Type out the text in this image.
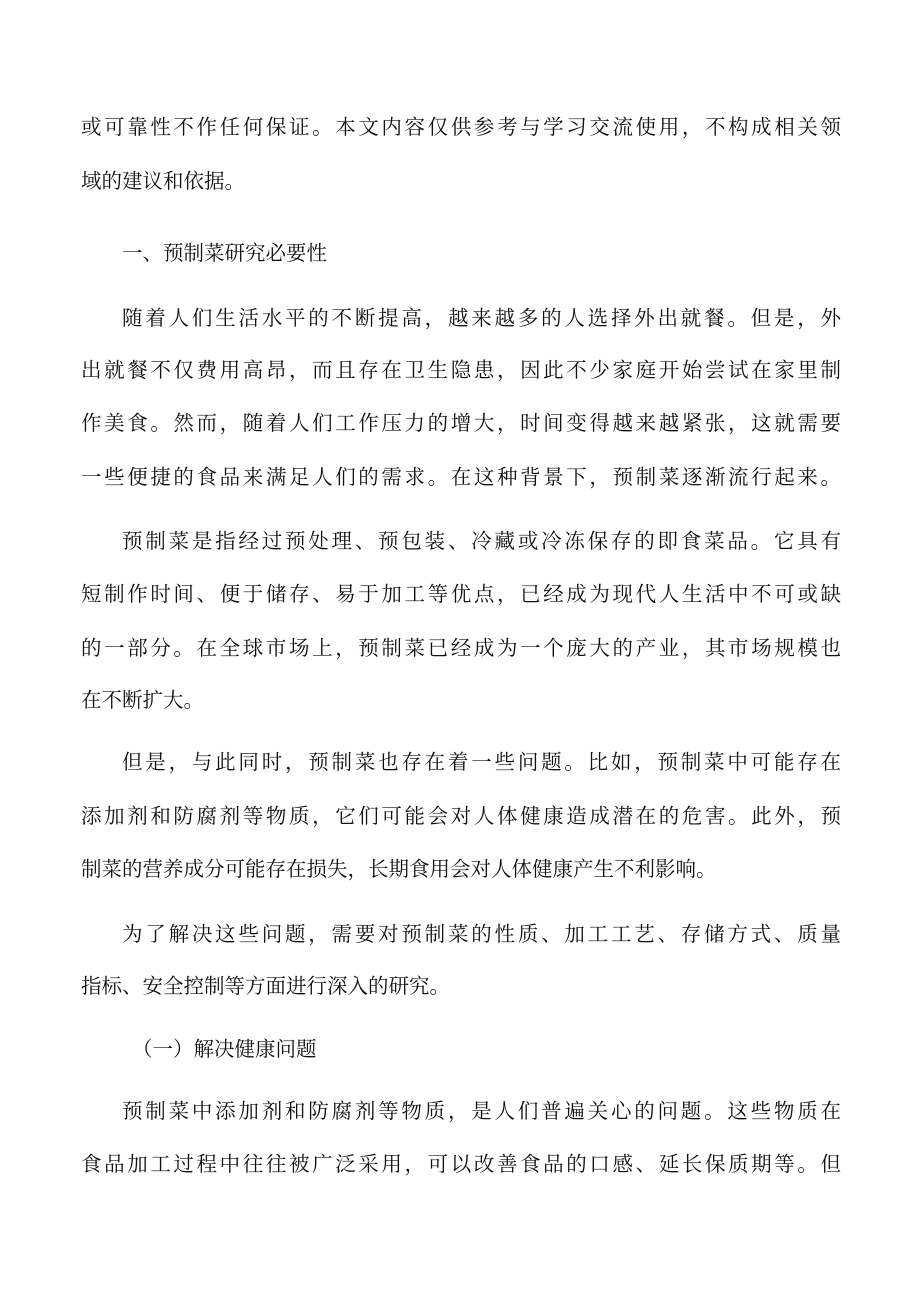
或可靠性不作任何保证。本文内容仅供参考与学习交流使用，不构成相关领
域的建议和依据。
一、预制菜研究必要性
随着人们生活水平的不断提高，越来越多的人选择外出就餐。但是，外
出就餐不仅费用高昂，而且存在卫生隐患，因此不少家庭开始尝试在家里制
作美食。然而，随着人们工作压力的增大，时间变得越来越紧张，这就需要
一些便捷的食品来满足人们的需求。在这种背景下，预制菜逐渐流行起来。
预制菜是指经过预处理、预包装、冷藏或冷冻保存的即食菜品。它具有
短制作时间、便于储存、易于加工等优点，已经成为现代人生活中不可或缺
的一部分。在全球市场上，预制菜已经成为一个庞大的产业，其市场规模也
在不断扩大。
但是，与此同时，预制菜也存在着一些问题。比如，预制菜中可能存在
添加剂和防腐剂等物质，它们可能会对人体健康造成潜在的危害。此外，预
制菜的营养成分可能存在损失，长期食用会对人体健康产生不利影响。
为了解决这些问题，需要对预制菜的性质、加工工艺、存储方式、质量
指标、安全控制等方面进行深入的研究。
（一）解决健康问题
预制菜中添加剂和防腐剂等物质，是人们普遍关心的问题。这些物质在
食品加工过程中往往被广泛采用，可以改善食品的口感、延长保质期等。但
